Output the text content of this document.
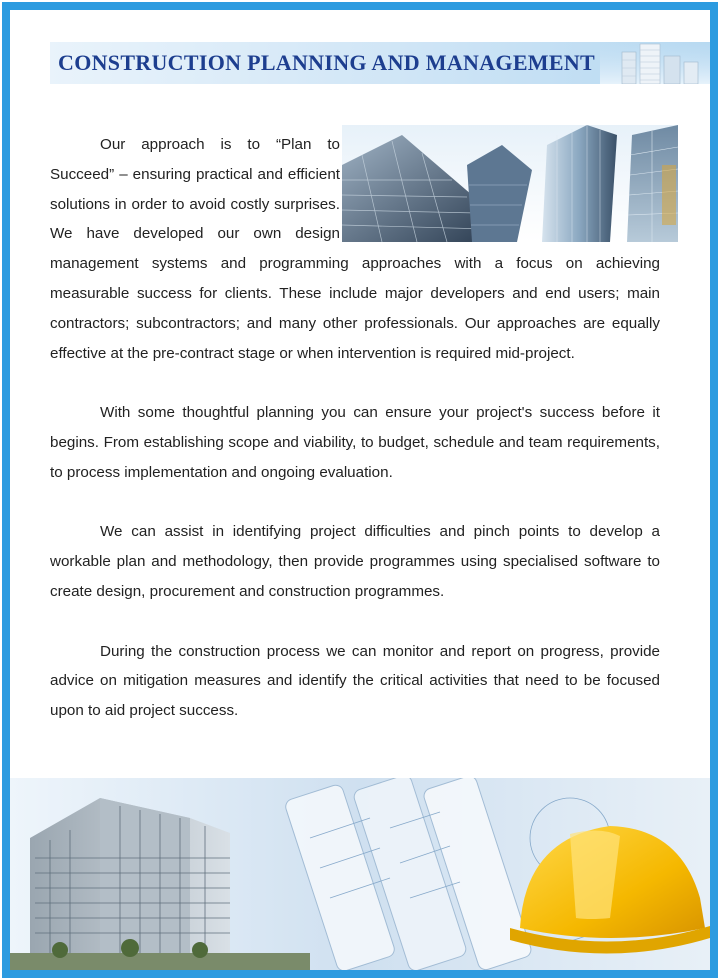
CONSTRUCTION PLANNING AND MANAGEMENT

Our approach is to “Plan to Succeed” – ensuring practical and efficient solutions in order to avoid costly surprises. We have developed our own design management systems and programming approaches with a focus on achieving measurable success for clients. These include major developers and end users; main contractors; subcontractors; and many other professionals. Our approaches are equally effective at the pre-contract stage or when intervention is required mid-project.

With some thoughtful planning you can ensure your project's success before it begins. From establishing scope and viability, to budget, schedule and team requirements, to process implementation and ongoing evaluation.

We can assist in identifying project difficulties and pinch points to develop a workable plan and methodology, then provide programmes using specialised software to create design, procurement and construction programmes.

During the construction process we can monitor and report on progress, provide advice on mitigation measures and identify the critical activities that need to be focused upon to aid project success.
